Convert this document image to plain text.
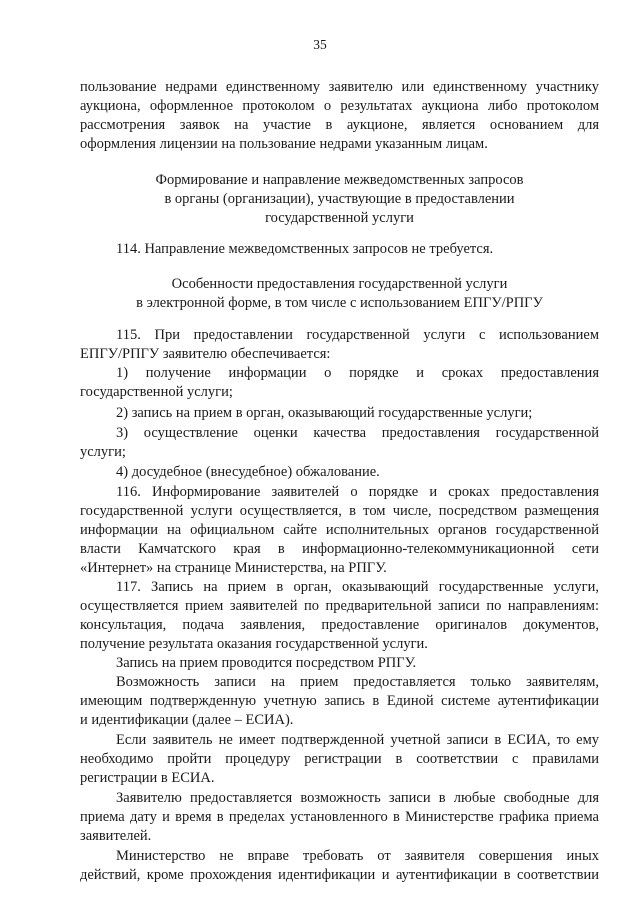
35
пользование недрами единственному заявителю или единственному участнику
аукциона, оформленное протоколом о результатах аукциона либо протоколом
рассмотрения заявок на участие в аукционе, является основанием для
оформления лицензии на пользование недрами указанным лицам.
Формирование и направление межведомственных запросов
в органы (организации), участвующие в предоставлении
государственной услуги
114. Направление межведомственных запросов не требуется.
Особенности предоставления государственной услуги
в электронной форме, в том числе с использованием ЕПГУ/РПГУ
115. При предоставлении государственной услуги с использованием
ЕПГУ/РПГУ заявителю обеспечивается:
1) получение информации о порядке и сроках предоставления
государственной услуги;
2) запись на прием в орган, оказывающий государственные услуги;
3) осуществление оценки качества предоставления государственной
услуги;
4) досудебное (внесудебное) обжалование.
116. Информирование заявителей о порядке и сроках предоставления
государственной услуги осуществляется, в том числе, посредством размещения
информации на официальном сайте исполнительных органов государственной
власти Камчатского края в информационно-телекоммуникационной сети
«Интернет» на странице Министерства, на РПГУ.
117. Запись на прием в орган, оказывающий государственные услуги,
осуществляется прием заявителей по предварительной записи по направлениям:
консультация, подача заявления, предоставление оригиналов документов,
получение результата оказания государственной услуги.
Запись на прием проводится посредством РПГУ.
Возможность записи на прием предоставляется только заявителям,
имеющим подтвержденную учетную запись в Единой системе аутентификации
и идентификации (далее – ЕСИА).
Если заявитель не имеет подтвержденной учетной записи в ЕСИА, то ему
необходимо пройти процедуру регистрации в соответствии с правилами
регистрации в ЕСИА.
Заявителю предоставляется возможность записи в любые свободные для
приема дату и время в пределах установленного в Министерстве графика приема
заявителей.
Министерство не вправе требовать от заявителя совершения иных
действий, кроме прохождения идентификации и аутентификации в соответствии
